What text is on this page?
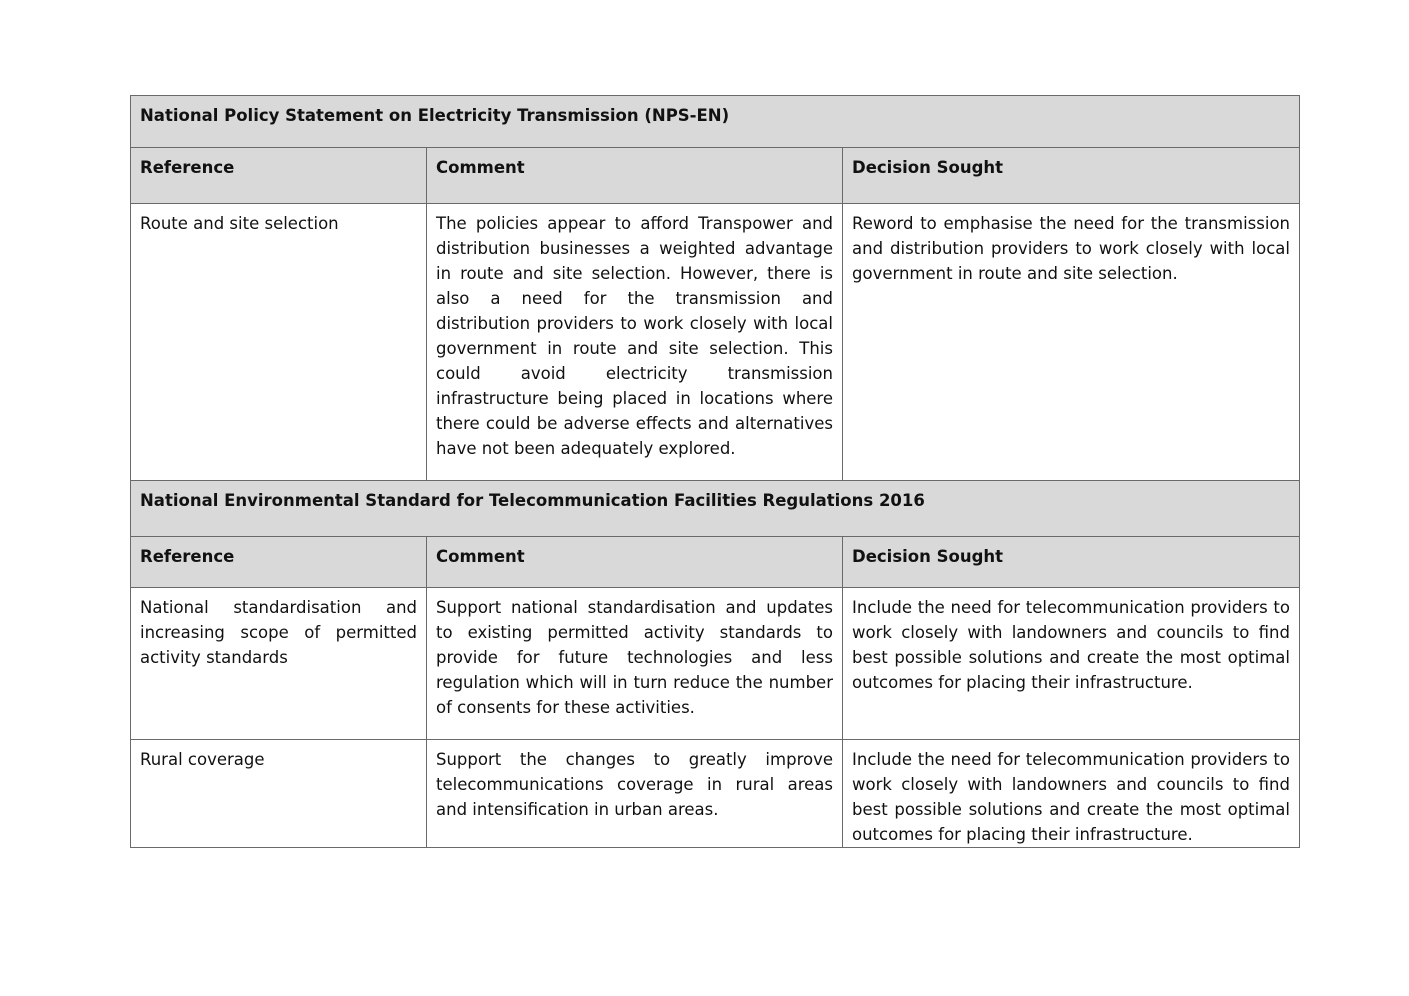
National Policy Statement on Electricity Transmission (NPS-EN)		
Reference	Comment	Decision Sought
Route and site selection	The policies appear to afford Transpower and distribution businesses a weighted advantage in route and site selection. However, there is also a need for the transmission and distribution providers to work closely with local government in route and site selection. This could avoid electricity transmission infrastructure being placed in locations where there could be adverse effects and alternatives have not been adequately explored.	Reword to emphasise the need for the transmission and distribution providers to work closely with local government in route and site selection.
National Environmental Standard for Telecommunication Facilities Regulations 2016		
Reference	Comment	Decision Sought
National standardisation and increasing scope of permitted activity standards	Support national standardisation and updates to existing permitted activity standards to provide for future technologies and less regulation which will in turn reduce the number of consents for these activities.	Include the need for telecommunication providers to work closely with landowners and councils to find best possible solutions and create the most optimal outcomes for placing their infrastructure.
Rural coverage	Support the changes to greatly improve telecommunications coverage in rural areas and intensification in urban areas.	Include the need for telecommunication providers to work closely with landowners and councils to find best possible solutions and create the most optimal outcomes for placing their infrastructure.
